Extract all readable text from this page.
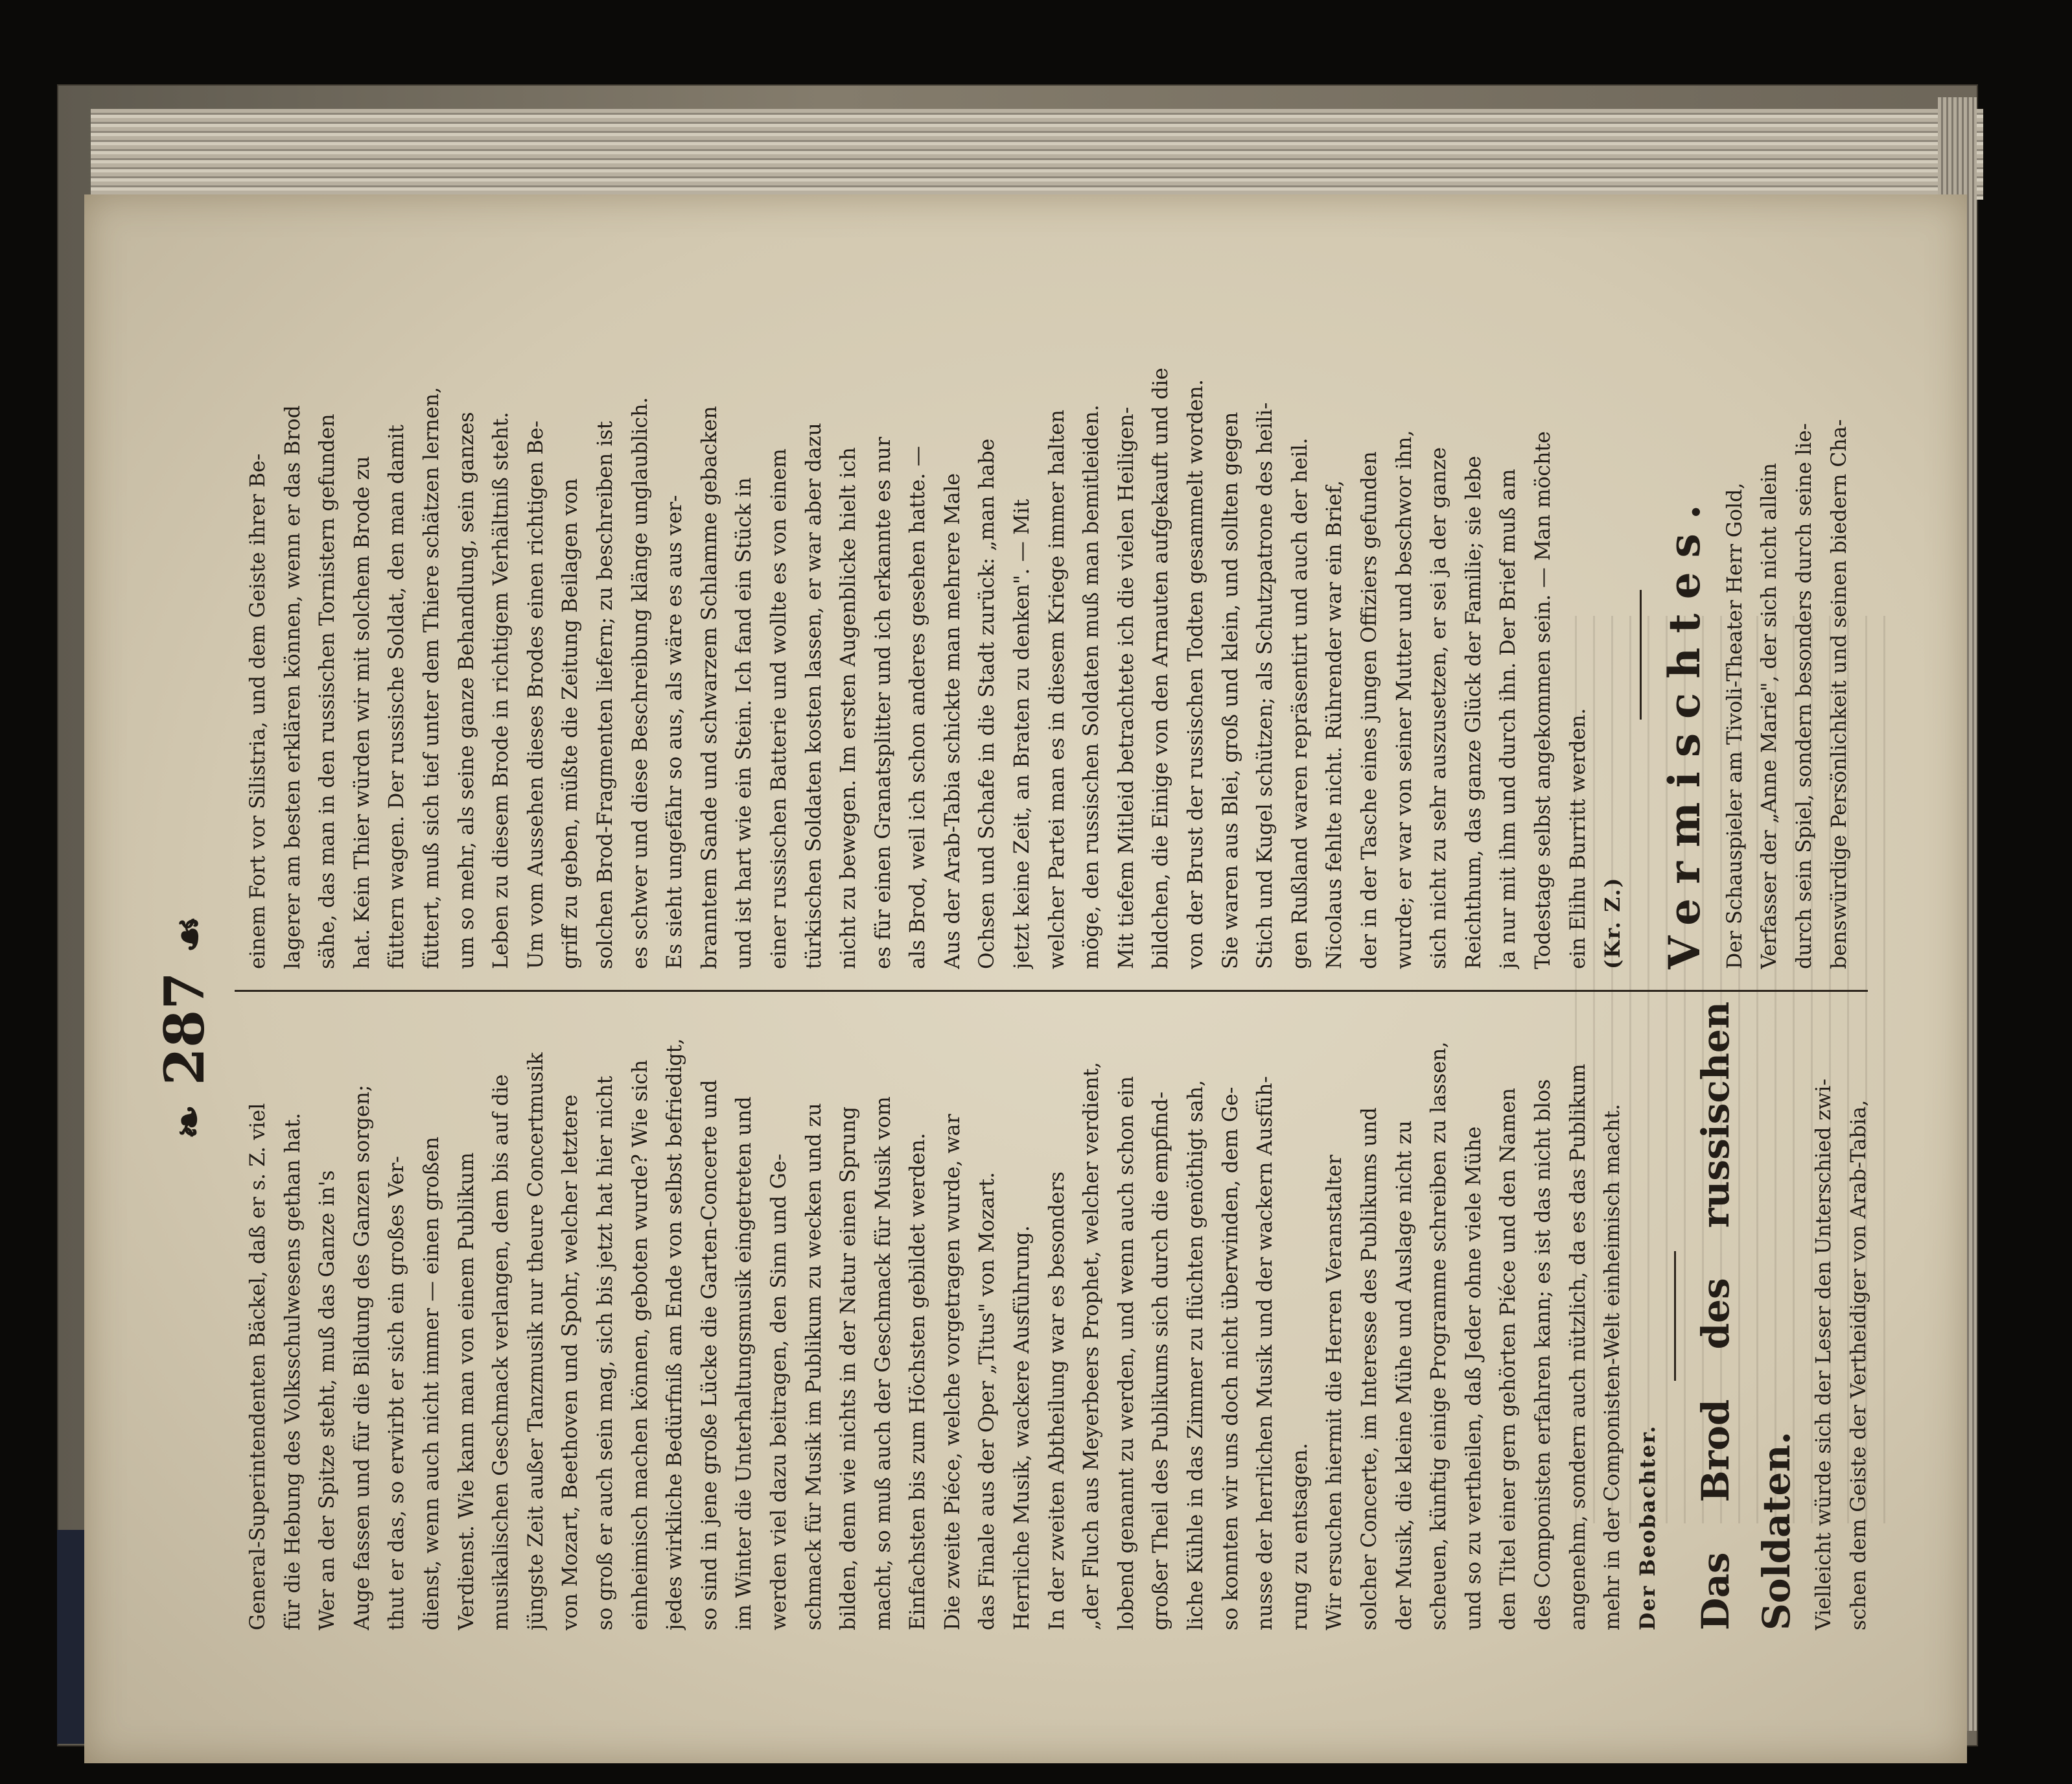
❧ 287 ☙

General-Superintendenten Bäckel, daß er s. Z. viel für die Hebung des Volksschulwesens gethan hat. Wer an der Spitze steht, muß das Ganze in's Auge fassen und für die Bildung des Ganzen sorgen; thut er das, so erwirbt er sich ein großes Ver- dienst, wenn auch nicht immer — einen großen Verdienst. Wie kann man von einem Publikum musikalischen Geschmack verlangen, dem bis auf die jüngste Zeit außer Tanzmusik nur theure Concertmusik von Mozart, Beethoven und Spohr, welcher letztere so groß er auch sein mag, sich bis jetzt hat hier nicht einheimisch machen können, geboten wurde? Wie sich jedes wirkliche Bedürfniß am Ende von selbst befriedigt, so sind in jene große Lücke die Garten-Concerte und im Winter die Unterhaltungsmusik eingetreten und werden viel dazu beitragen, den Sinn und Ge- schmack für Musik im Publikum zu wecken und zu bilden, denn wie nichts in der Natur einen Sprung macht, so muß auch der Geschmack für Musik vom Einfachsten bis zum Höchsten gebildet werden. Die zweite Piéce, welche vorgetragen wurde, war das Finale aus der Oper „Titus" von Mozart. Herrliche Musik, wackere Ausführung. In der zweiten Abtheilung war es besonders „der Fluch aus Meyerbeers Prophet, welcher verdient, lobend genannt zu werden, und wenn auch schon ein großer Theil des Publikums sich durch die empfind- liche Kühle in das Zimmer zu flüchten genöthigt sah, so konnten wir uns doch nicht überwinden, dem Ge- nusse der herrlichen Musik und der wackern Ausfüh- rung zu entsagen. Wir ersuchen hiermit die Herren Veranstalter solcher Concerte, im Interesse des Publikums und der Musik, die kleine Mühe und Auslage nicht zu scheuen, künftig einige Programme schreiben zu lassen, und so zu vertheilen, daß Jeder ohne viele Mühe den Titel einer gern gehörten Piéce und den Namen des Componisten erfahren kann; es ist das nicht blos angenehm, sondern auch nützlich, da es das Publikum mehr in der Componisten-Welt einheimisch macht. Der Beobachter. Das Brod des russischen Soldaten. Vielleicht würde sich der Leser den Unterschied zwi- schen dem Geiste der Vertheidiger von Arab-Tabia,

einem Fort vor Silistria, und dem Geiste ihrer Be- lagerer am besten erklären können, wenn er das Brod sähe, das man in den russischen Tornistern gefunden hat. Kein Thier würden wir mit solchem Brode zu füttern wagen. Der russische Soldat, den man damit füttert, muß sich tief unter dem Thiere schätzen lernen, um so mehr, als seine ganze Behandlung, sein ganzes Leben zu diesem Brode in richtigem Verhältniß steht. Um vom Aussehen dieses Brodes einen richtigen Be- griff zu geben, müßte die Zeitung Beilagen von solchen Brod-Fragmenten liefern; zu beschreiben ist es schwer und diese Beschreibung klänge unglaublich. Es sieht ungefähr so aus, als wäre es aus ver- branntem Sande und schwarzem Schlamme gebacken und ist hart wie ein Stein. Ich fand ein Stück in einer russischen Batterie und wollte es von einem türkischen Soldaten kosten lassen, er war aber dazu nicht zu bewegen. Im ersten Augenblicke hielt ich es für einen Granatsplitter und ich erkannte es nur als Brod, weil ich schon anderes gesehen hatte. — Aus der Arab-Tabia schickte man mehrere Male Ochsen und Schafe in die Stadt zurück: „man habe jetzt keine Zeit, an Braten zu denken". — Mit welcher Partei man es in diesem Kriege immer halten möge, den russischen Soldaten muß man bemitleiden. Mit tiefem Mitleid betrachtete ich die vielen Heiligen- bildchen, die Einige von den Arnauten aufgekauft und die von der Brust der russischen Todten gesammelt worden. Sie waren aus Blei, groß und klein, und sollten gegen Stich und Kugel schützen; als Schutzpatrone des heili- gen Rußland waren repräsentirt und auch der heil. Nicolaus fehlte nicht. Rührender war ein Brief, der in der Tasche eines jungen Offiziers gefunden wurde; er war von seiner Mutter und beschwor ihn, sich nicht zu sehr auszusetzen, er sei ja der ganze Reichthum, das ganze Glück der Familie; sie lebe ja nur mit ihm und durch ihn. Der Brief muß am Todestage selbst angekommen sein. — Man möchte ein Elihu Burritt werden. (Kr. Z.) Vermischtes. Der Schauspieler am Tivoli-Theater Herr Gold, Verfasser der „Anne Marie", der sich nicht allein durch sein Spiel, sondern besonders durch seine lie- benswürdige Persönlichkeit und seinen biedern Cha-
